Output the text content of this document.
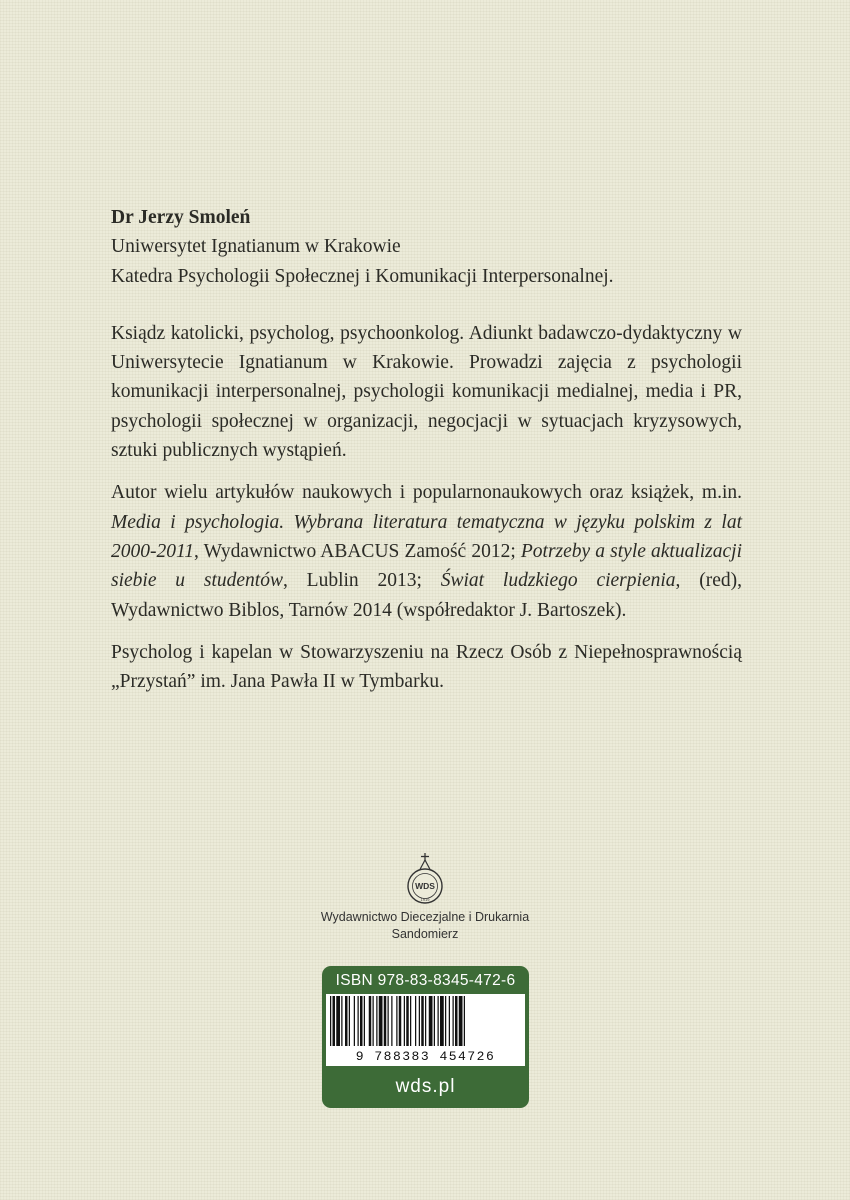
Dr Jerzy Smoleń

Uniwersytet Ignatianum w Krakowie

Katedra Psychologii Społecznej i Komunikacji Interpersonalnej.

Ksiądz katolicki, psycholog, psychoonkolog. Adiunkt badawczo-dydaktyczny w Uniwersytecie Ignatianum w Krakowie. Prowadzi zajęcia z psychologii komunikacji interpersonalnej, psychologii komunikacji medialnej, media i PR, psychologii społecznej w organizacji, negocjacji w sytuacjach kryzysowych, sztuki publicznych wystąpień.

Autor wielu artykułów naukowych i popularnonaukowych oraz książek, m.in. Media i psychologia. Wybrana literatura tematyczna w języku polskim z lat 2000-2011, Wydawnictwo ABACUS Zamość 2012; Potrzeby a style aktualizacji siebie u studentów, Lublin 2013; Świat ludzkiego cierpienia, (red), Wydawnictwo Biblos, Tarnów 2014 (współredaktor J. Bartoszek).

Psycholog i kapelan w Stowarzyszeniu na Rzecz Osób z Niepełnosprawnością „Przystań” im. Jana Pawła II w Tymbarku.

WDS
1919
Wydawnictwo Diecezjalne i Drukarnia
Sandomierz
ISBN 978-83-8345-472-6
9 788383 454726
wds.pl
